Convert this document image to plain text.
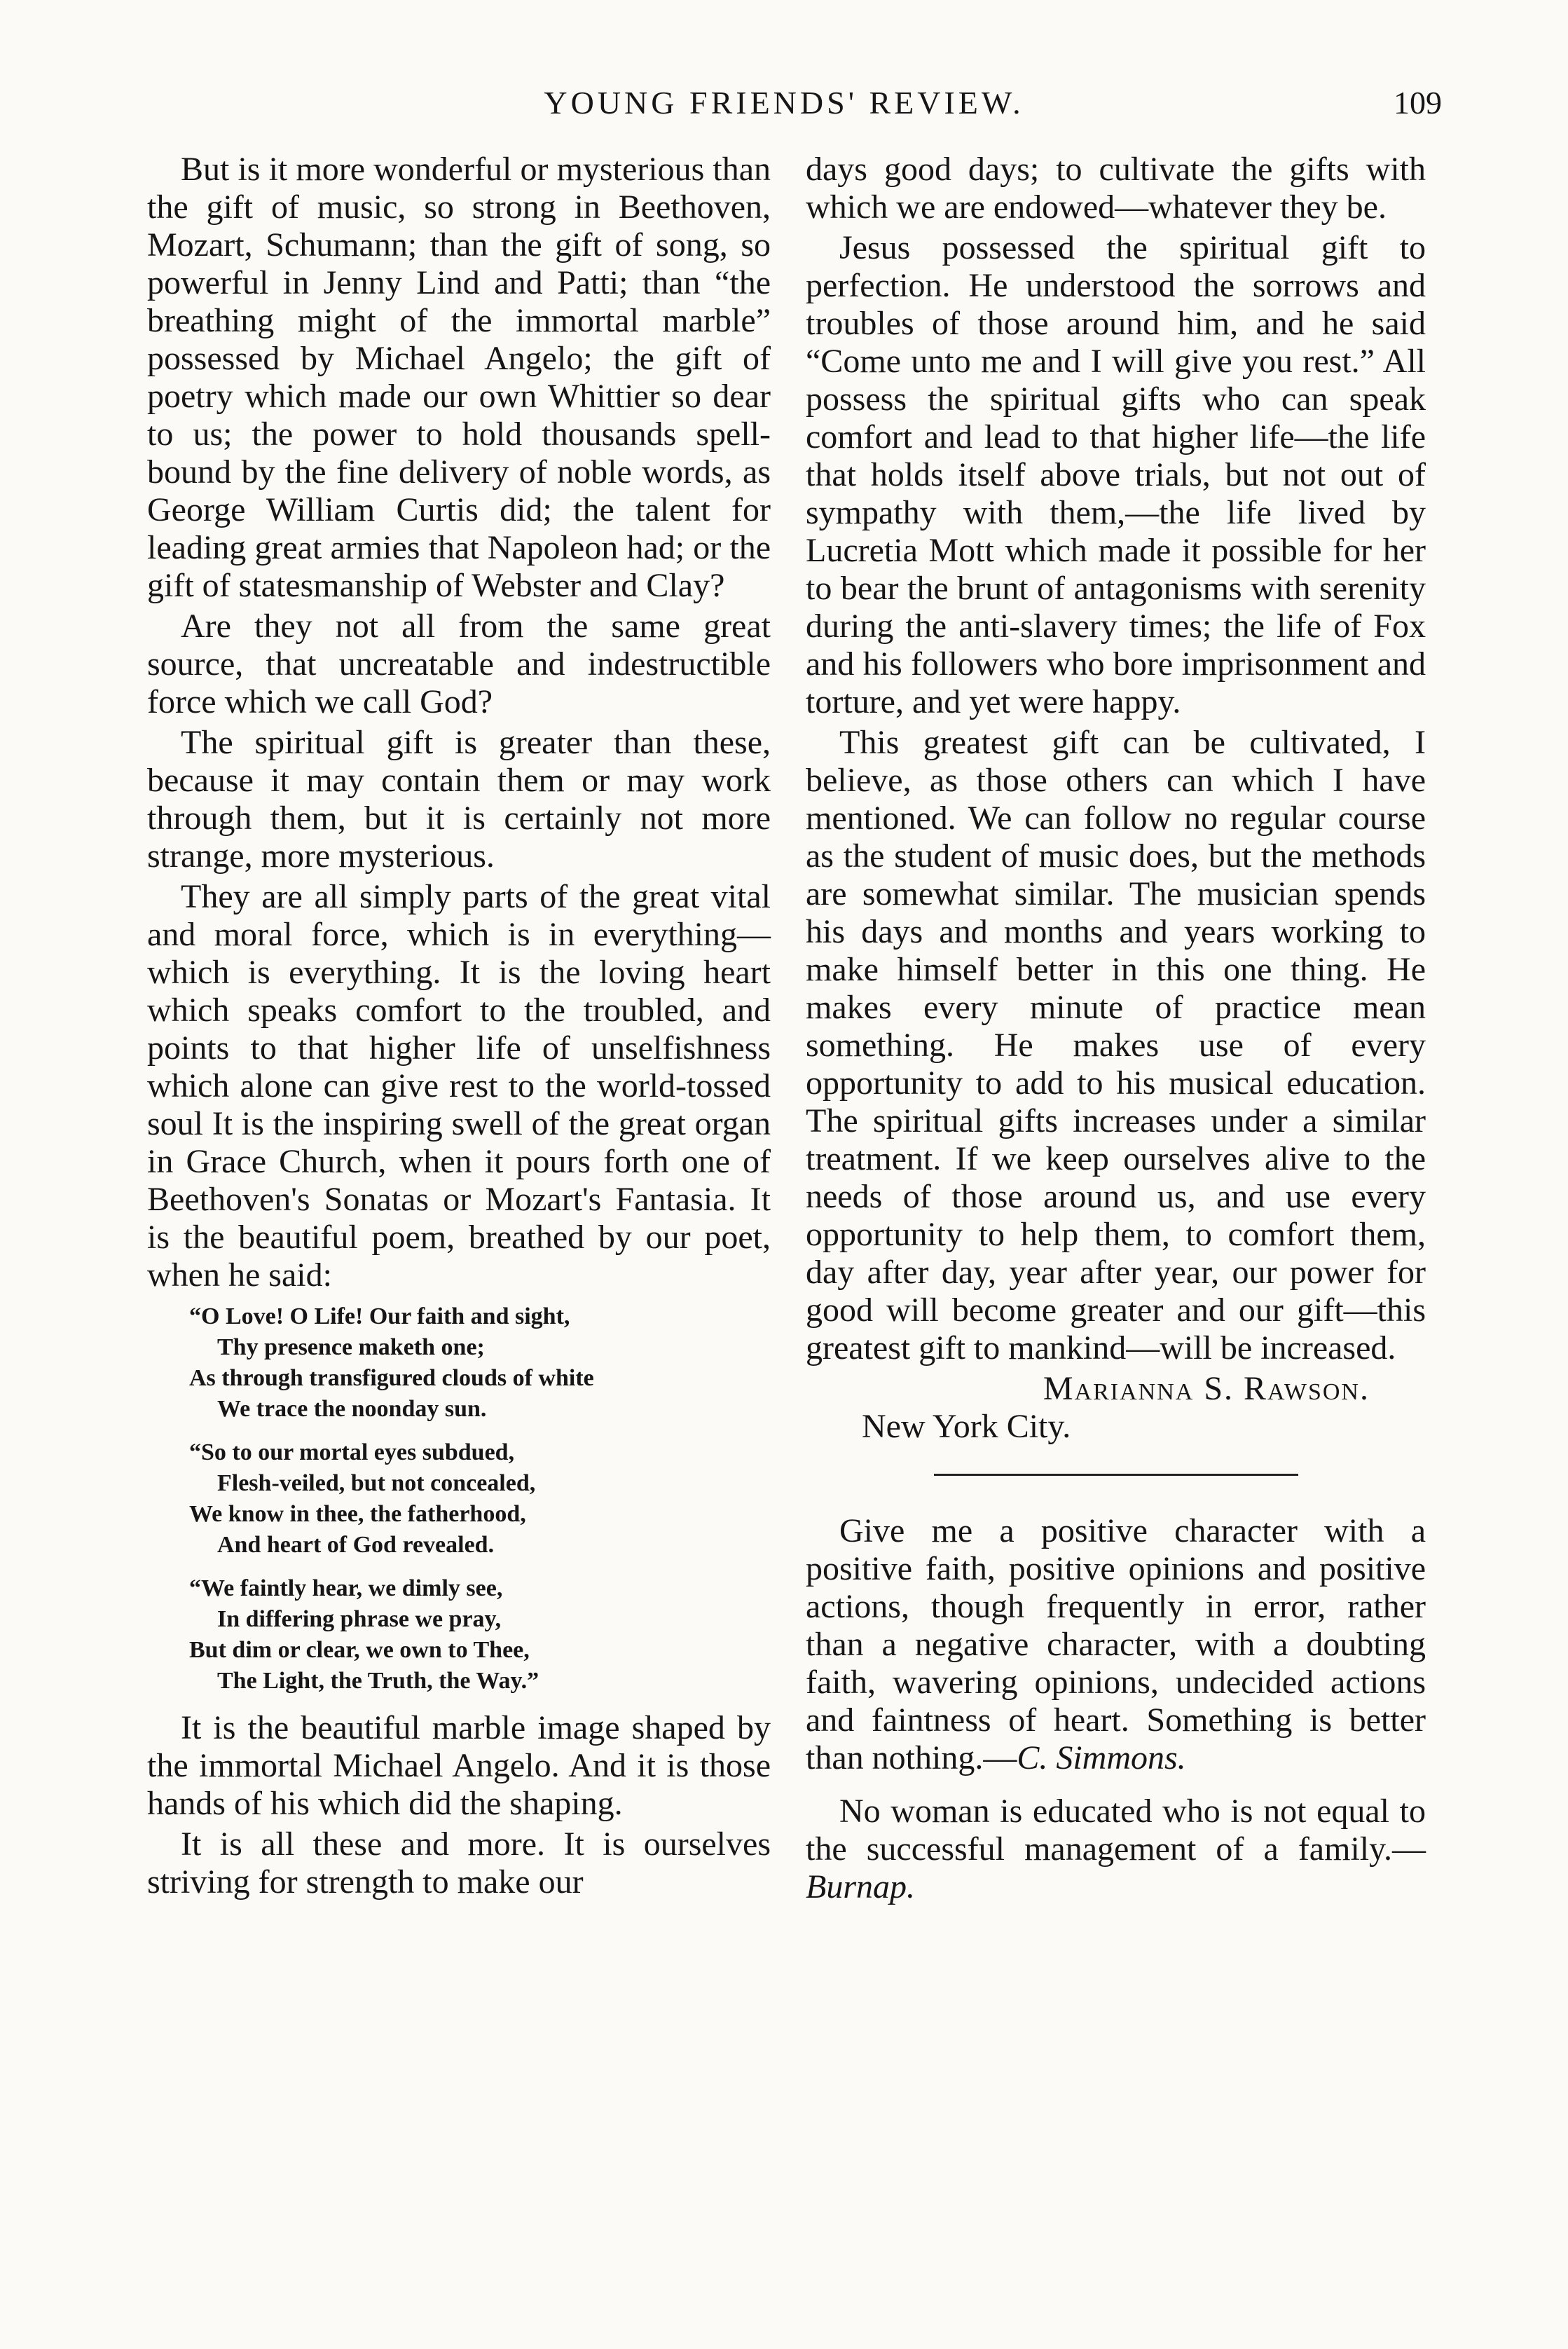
YOUNG FRIENDS' REVIEW.	109

But is it more wonderful or mysterious than the gift of music, so strong in Beethoven, Mozart, Schumann; than the gift of song, so powerful in Jenny Lind and Patti; than “the breathing might of the immortal marble” possessed by Michael Angelo; the gift of poetry which made our own Whittier so dear to us; the power to hold thousands spell-bound by the fine delivery of noble words, as George William Curtis did; the talent for leading great armies that Napoleon had; or the gift of statesmanship of Webster and Clay?

Are they not all from the same great source, that uncreatable and indestructible force which we call God?

The spiritual gift is greater than these, because it may contain them or may work through them, but it is certainly not more strange, more mysterious.

They are all simply parts of the great vital and moral force, which is in everything—which is everything. It is the loving heart which speaks comfort to the troubled, and points to that higher life of unselfishness which alone can give rest to the world-tossed soul It is the inspiring swell of the great organ in Grace Church, when it pours forth one of Beethoven's Sonatas or Mozart's Fantasia. It is the beautiful poem, breathed by our poet, when he said:

“O Love! O Life! Our faith and sight,
Thy presence maketh one;
As through transfigured clouds of white
We trace the noonday sun.
“So to our mortal eyes subdued,
Flesh-veiled, but not concealed,
We know in thee, the fatherhood,
And heart of God revealed.
“We faintly hear, we dimly see,
In differing phrase we pray,
But dim or clear, we own to Thee,
The Light, the Truth, the Way.”

It is the beautiful marble image shaped by the immortal Michael Angelo. And it is those hands of his which did the shaping.

It is all these and more. It is ourselves striving for strength to make our

days good days; to cultivate the gifts with which we are endowed—whatever they be.

Jesus possessed the spiritual gift to perfection. He understood the sorrows and troubles of those around him, and he said “Come unto me and I will give you rest.” All possess the spiritual gifts who can speak comfort and lead to that higher life—the life that holds itself above trials, but not out of sympathy with them,—the life lived by Lucretia Mott which made it possible for her to bear the brunt of antagonisms with serenity during the anti-slavery times; the life of Fox and his followers who bore imprisonment and torture, and yet were happy.

This greatest gift can be cultivated, I believe, as those others can which I have mentioned. We can follow no regular course as the student of music does, but the methods are somewhat similar. The musician spends his days and months and years working to make himself better in this one thing. He makes every minute of practice mean something. He makes use of every opportunity to add to his musical education. The spiritual gifts increases under a similar treatment. If we keep ourselves alive to the needs of those around us, and use every opportunity to help them, to comfort them, day after day, year after year, our power for good will become greater and our gift—this greatest gift to mankind—will be increased.

Marianna S. Rawson.
New York City.

Give me a positive character with a positive faith, positive opinions and positive actions, though frequently in error, rather than a negative character, with a doubting faith, wavering opinions, undecided actions and faintness of heart. Something is better than nothing.—C. Simmons.

No woman is educated who is not equal to the successful management of a family.—Burnap.
